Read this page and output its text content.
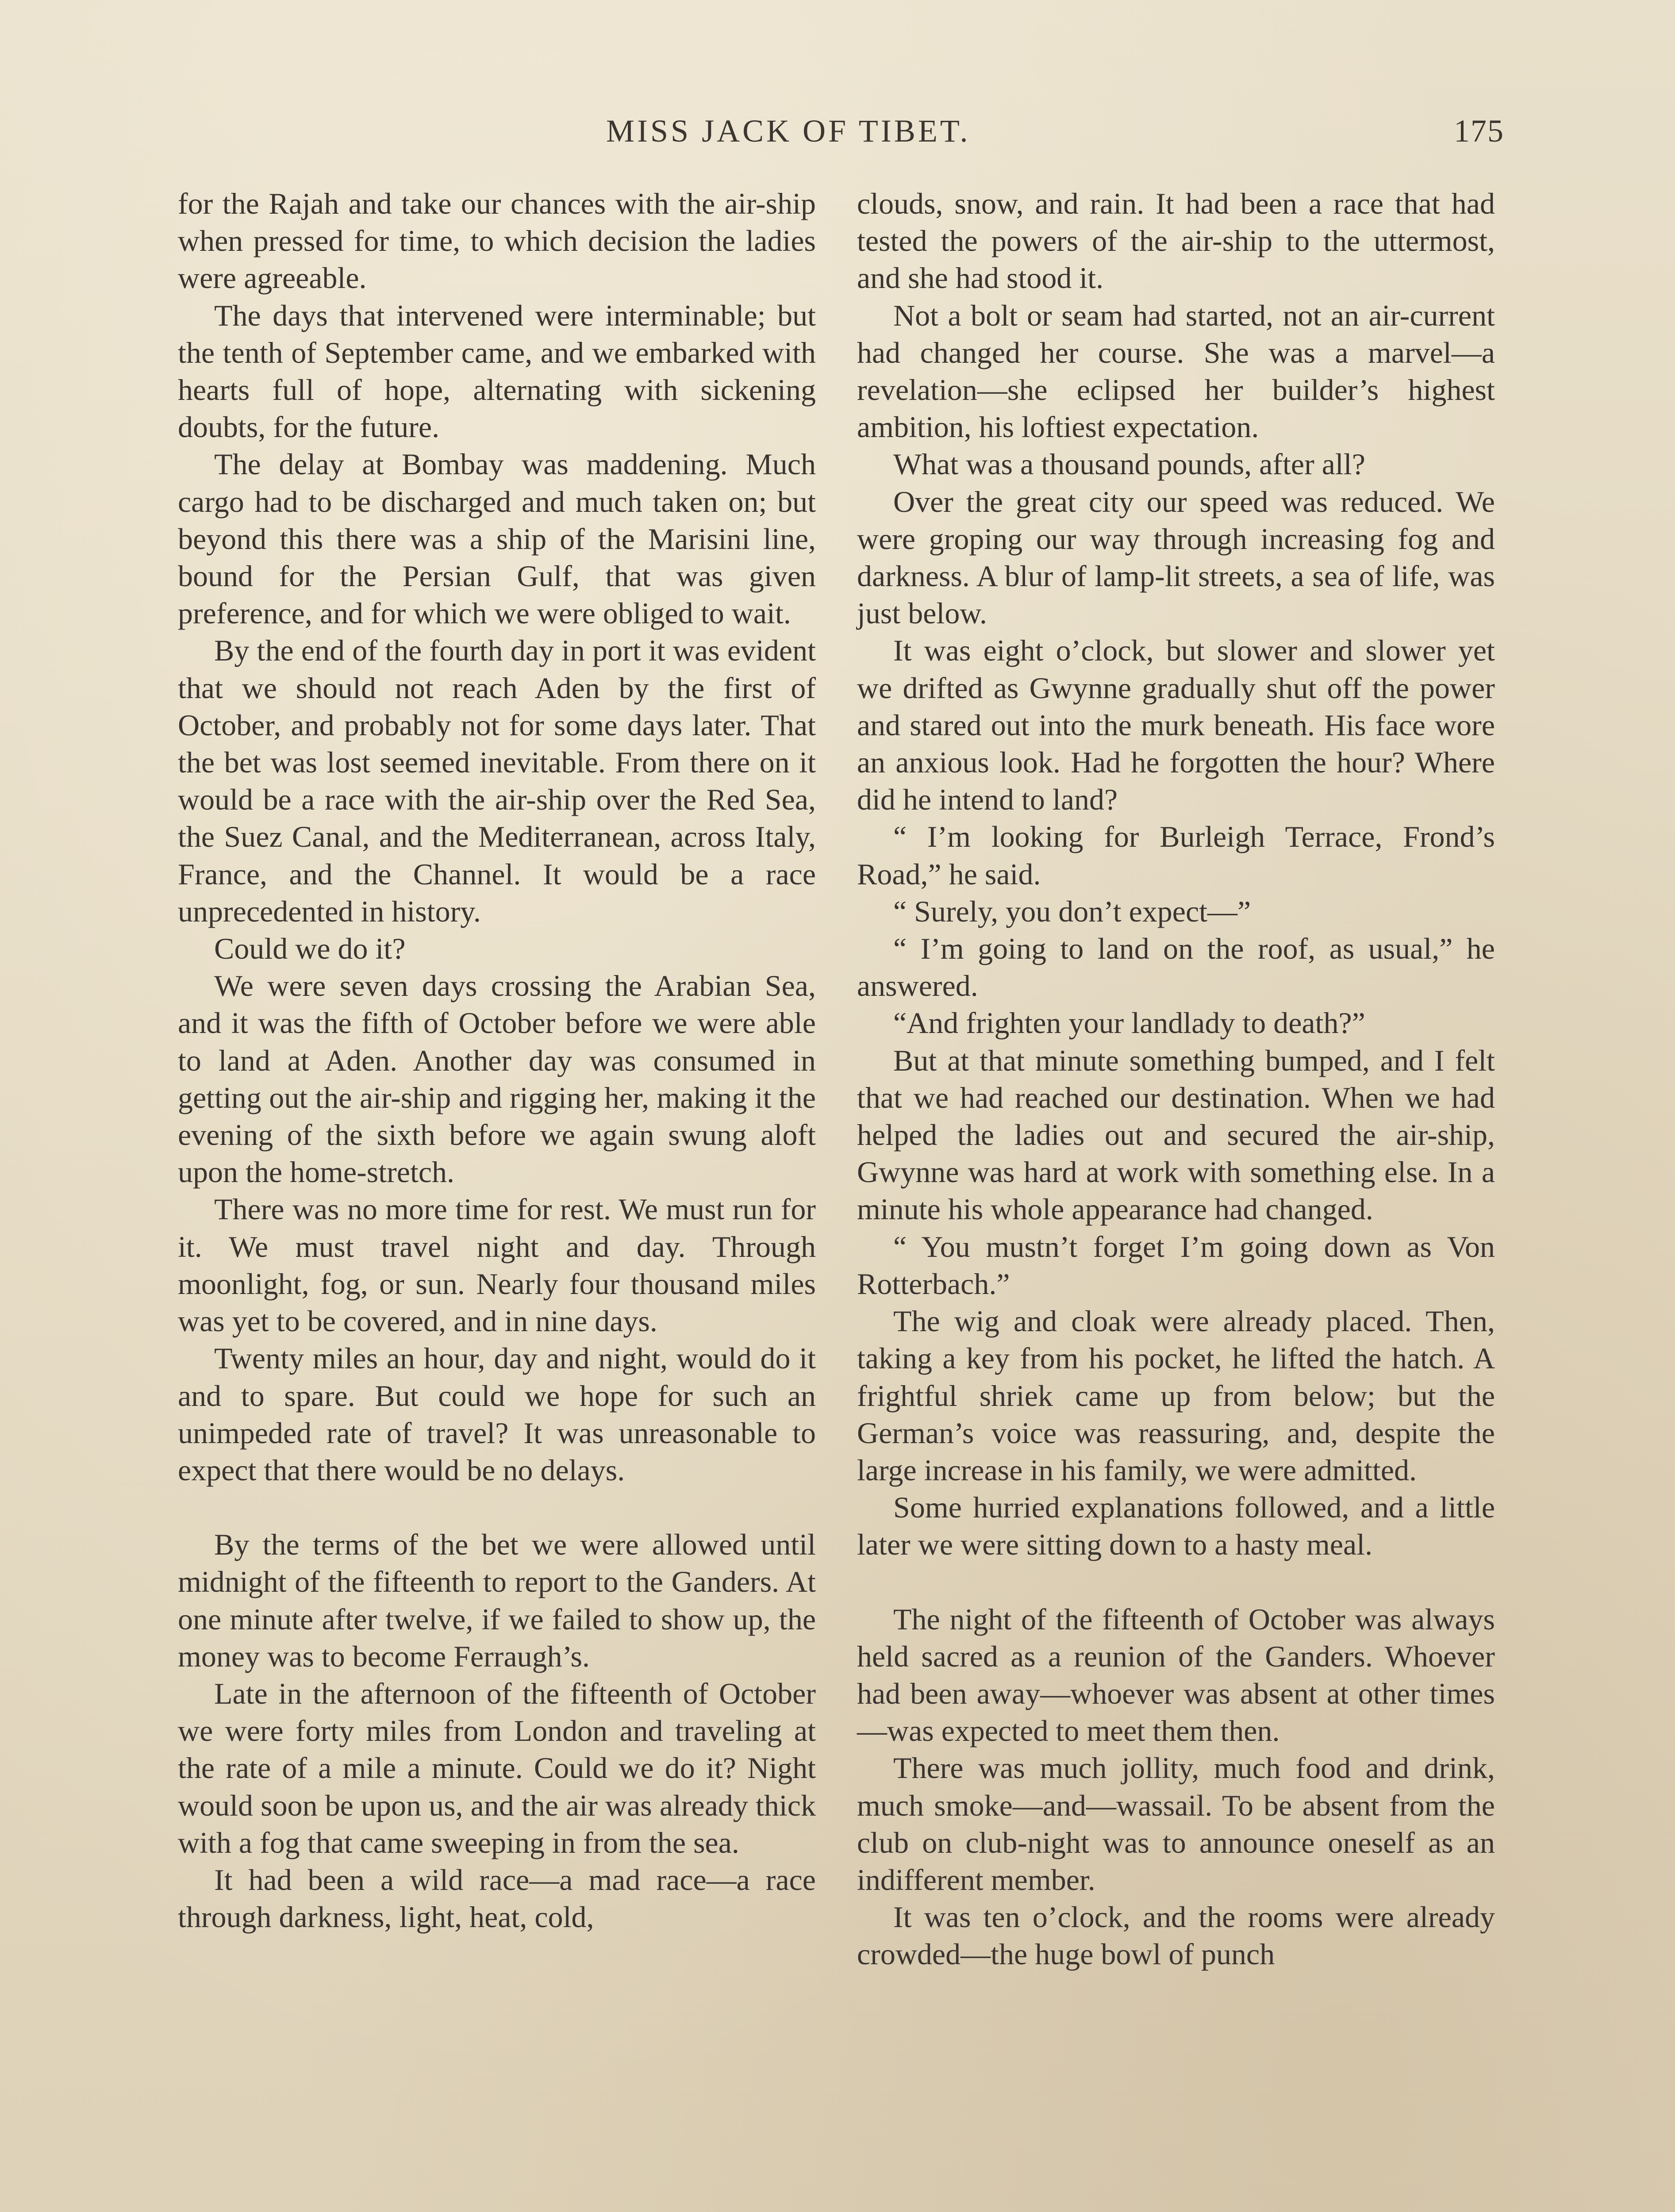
MISS JACK OF TIBET.	175

for the Rajah and take our chances with the air-ship when pressed for time, to which decision the ladies were agreeable.

The days that intervened were interminable; but the tenth of September came, and we embarked with hearts full of hope, alternating with sickening doubts, for the future.

The delay at Bombay was maddening. Much cargo had to be discharged and much taken on; but beyond this there was a ship of the Marisini line, bound for the Persian Gulf, that was given preference, and for which we were obliged to wait.

By the end of the fourth day in port it was evident that we should not reach Aden by the first of October, and probably not for some days later. That the bet was lost seemed inevitable. From there on it would be a race with the air-ship over the Red Sea, the Suez Canal, and the Mediterranean, across Italy, France, and the Channel. It would be a race unprecedented in history.

Could we do it?

We were seven days crossing the Arabian Sea, and it was the fifth of October before we were able to land at Aden. Another day was consumed in getting out the air-ship and rigging her, making it the evening of the sixth before we again swung aloft upon the home-stretch.

There was no more time for rest. We must run for it. We must travel night and day. Through moonlight, fog, or sun. Nearly four thousand miles was yet to be covered, and in nine days.

Twenty miles an hour, day and night, would do it and to spare. But could we hope for such an unimpeded rate of travel? It was unreasonable to expect that there would be no delays.

By the terms of the bet we were allowed until midnight of the fifteenth to report to the Ganders. At one minute after twelve, if we failed to show up, the money was to become Ferraugh’s.

Late in the afternoon of the fifteenth of October we were forty miles from London and traveling at the rate of a mile a minute. Could we do it? Night would soon be upon us, and the air was already thick with a fog that came sweeping in from the sea.

It had been a wild race—a mad race—a race through darkness, light, heat, cold,

clouds, snow, and rain. It had been a race that had tested the powers of the air-ship to the uttermost, and she had stood it.

Not a bolt or seam had started, not an air-current had changed her course. She was a marvel—a revelation—she eclipsed her builder’s highest ambition, his loftiest expectation.

What was a thousand pounds, after all?

Over the great city our speed was reduced. We were groping our way through increasing fog and darkness. A blur of lamp-lit streets, a sea of life, was just below.

It was eight o’clock, but slower and slower yet we drifted as Gwynne gradually shut off the power and stared out into the murk beneath. His face wore an anxious look. Had he forgotten the hour? Where did he intend to land?

“ I’m looking for Burleigh Terrace, Frond’s Road,” he said.

“ Surely, you don’t expect—”

“ I’m going to land on the roof, as usual,” he answered.

“And frighten your landlady to death?”

But at that minute something bumped, and I felt that we had reached our destination. When we had helped the ladies out and secured the air-ship, Gwynne was hard at work with something else. In a minute his whole appearance had changed.

“ You mustn’t forget I’m going down as Von Rotterbach.”

The wig and cloak were already placed. Then, taking a key from his pocket, he lifted the hatch. A frightful shriek came up from below; but the German’s voice was reassuring, and, despite the large increase in his family, we were admitted.

Some hurried explanations followed, and a little later we were sitting down to a hasty meal.

The night of the fifteenth of October was always held sacred as a reunion of the Ganders. Whoever had been away—whoever was absent at other times—was expected to meet them then.

There was much jollity, much food and drink, much smoke—and—wassail. To be absent from the club on club-night was to announce oneself as an indifferent member.

It was ten o’clock, and the rooms were already crowded—the huge bowl of punch
